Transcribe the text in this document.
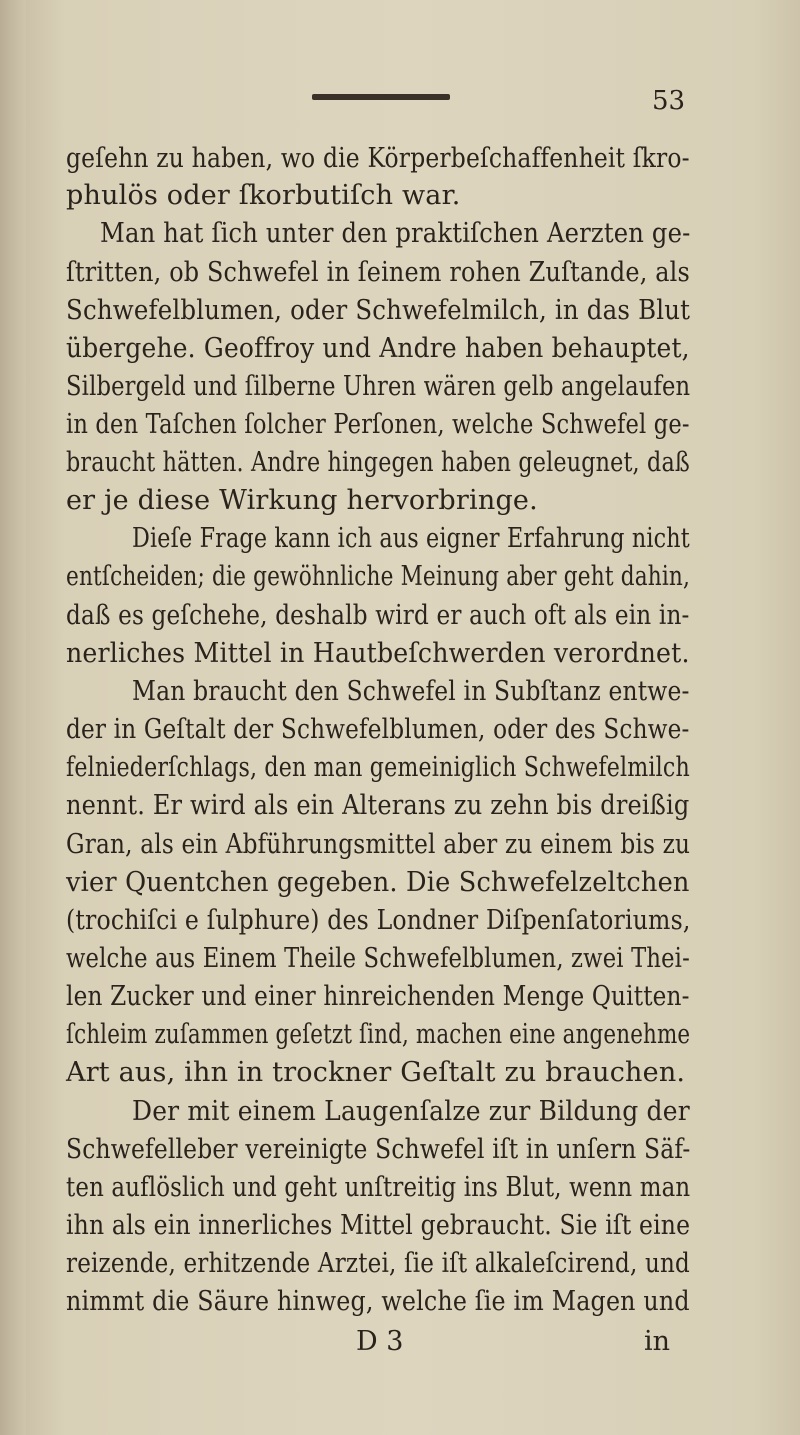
53
geſehn zu haben, wo die Körperbeſchaffenheit ſkro-
phulös oder ſkorbutiſch war.
Man hat ſich unter den praktiſchen Aerzten ge-
ſtritten, ob Schwefel in ſeinem rohen Zuſtande, als
Schwefelblumen, oder Schwefelmilch, in das Blut
übergehe. Geoffroy und Andre haben behauptet,
Silbergeld und ſilberne Uhren wären gelb angelaufen
in den Taſchen ſolcher Perſonen, welche Schwefel ge-
braucht hätten. Andre hingegen haben geleugnet, daß
er je diese Wirkung hervorbringe.
Dieſe Frage kann ich aus eigner Erfahrung nicht
entſcheiden; die gewöhnliche Meinung aber geht dahin,
daß es geſchehe, deshalb wird er auch oft als ein in-
nerliches Mittel in Hautbeſchwerden verordnet.
Man braucht den Schwefel in Subſtanz entwe-
der in Geſtalt der Schwefelblumen, oder des Schwe-
felniederſchlags, den man gemeiniglich Schwefelmilch
nennt. Er wird als ein Alterans zu zehn bis dreißig
Gran, als ein Abführungsmittel aber zu einem bis zu
vier Quentchen gegeben. Die Schwefelzeltchen
(trochiſci e ſulphure) des Londner Diſpenſatoriums,
welche aus Einem Theile Schwefelblumen, zwei Thei-
len Zucker und einer hinreichenden Menge Quitten-
ſchleim zuſammen geſetzt ſind, machen eine angenehme
Art aus, ihn in trockner Geſtalt zu brauchen.
Der mit einem Laugenſalze zur Bildung der
Schwefelleber vereinigte Schwefel iſt in unſern Säf-
ten auflöslich und geht unſtreitig ins Blut, wenn man
ihn als ein innerliches Mittel gebraucht. Sie iſt eine
reizende, erhitzende Arztei, ſie iſt alkaleſcirend, und
nimmt die Säure hinweg, welche ſie im Magen und
D 3	in
